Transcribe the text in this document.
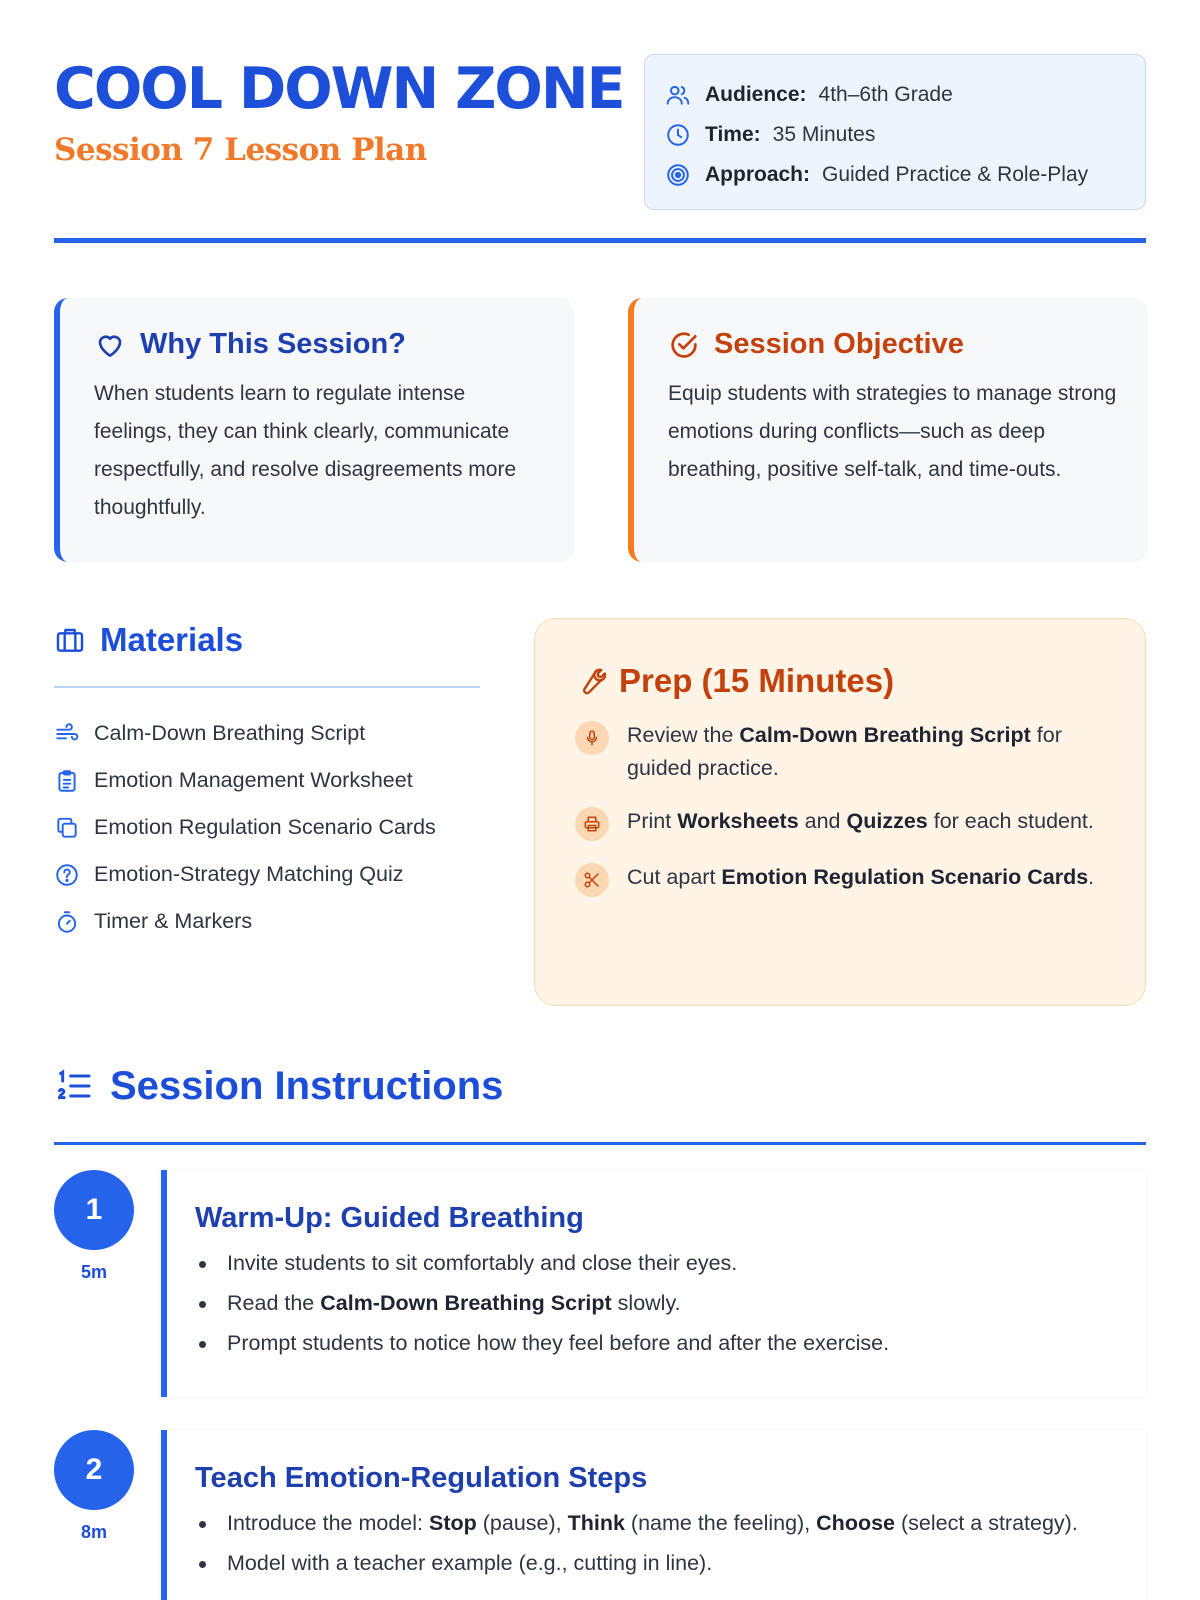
COOL DOWN ZONE
Session 7 Lesson Plan
Audience: 4th–6th Grade
Time: 35 Minutes
Approach: Guided Practice & Role-Play
Why This Session?
When students learn to regulate intense feelings, they can think clearly, communicate respectfully, and resolve disagreements more thoughtfully.
Session Objective
Equip students with strategies to manage strong emotions during conflicts—such as deep breathing, positive self-talk, and time-outs.
Materials
Calm-Down Breathing Script
Emotion Management Worksheet
Emotion Regulation Scenario Cards
Emotion-Strategy Matching Quiz
Timer & Markers
Prep (15 Minutes)
Review the Calm-Down Breathing Script for guided practice.
Print Worksheets and Quizzes for each student.
Cut apart Emotion Regulation Scenario Cards.
Session Instructions
1
5m
Warm-Up: Guided Breathing
Invite students to sit comfortably and close their eyes.
Read the Calm-Down Breathing Script slowly.
Prompt students to notice how they feel before and after the exercise.
2
8m
Teach Emotion-Regulation Steps
Introduce the model: Stop (pause), Think (name the feeling), Choose (select a strategy).
Model with a teacher example (e.g., cutting in line).
